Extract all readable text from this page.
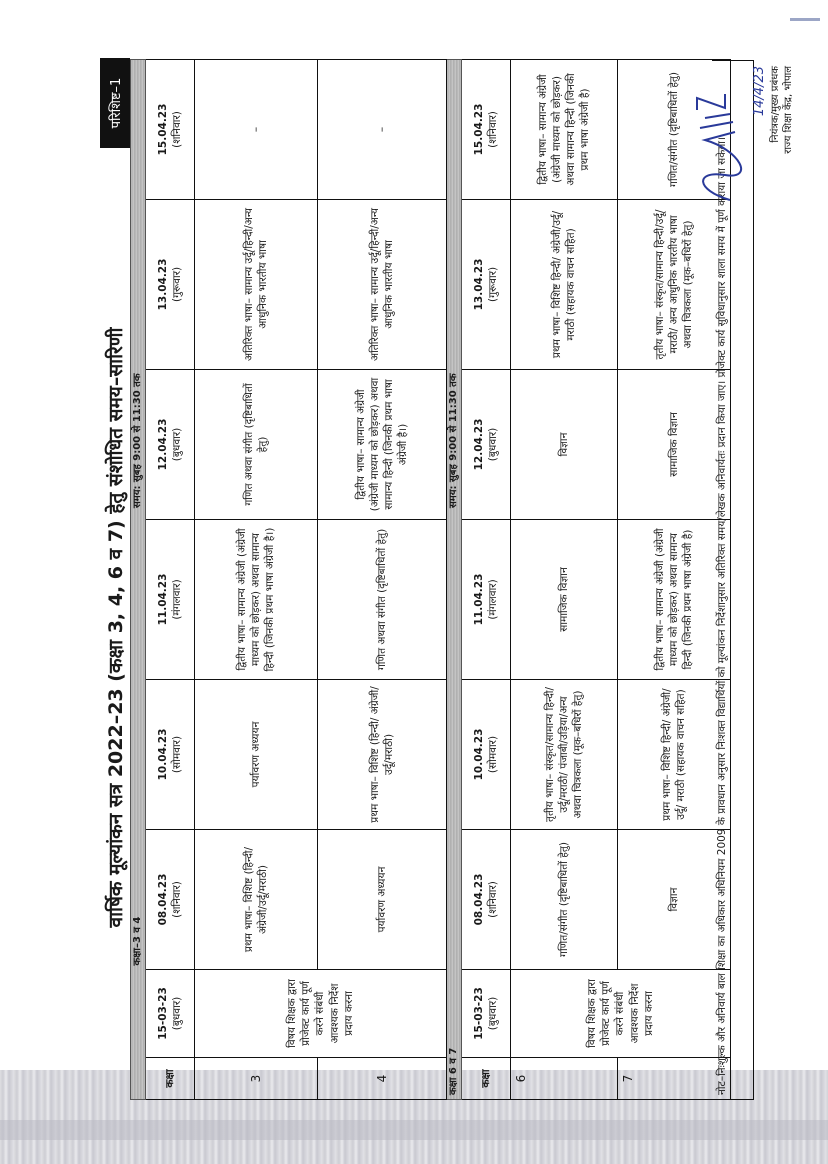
वार्षिक मूल्यांकन सत्र 2022–23 (कक्षा 3, 4, 6 व 7) हेतु संशोधित समय–सारिणी
परिशिष्ट–1
		कक्षा–3 व 4		समय: सुबह 9:00 से 11:30 तक			
कक्षा	15-03-23 (बुधवार)	08.04.23 (शनिवार)	10.04.23 (सोमवार)	11.04.23 (मंगलवार)	12.04.23 (बुधवार)	13.04.23 (गुरूवार)	15.04.23 (शनिवार)

3	विषय शिक्षक द्वारा प्रोजेक्ट कार्य पूर्ण करने संबंधी आवश्यक निर्देश प्रदाय करना	प्रथम भाषा– विशिष्ट (हिन्दी/ अंग्रेजी/उर्दू/मराठी)	पर्यावरण अध्ययन	द्वितीय भाषा– सामान्य अंग्रेजी (अंग्रेजी माध्यम को छोड़कर) अथवा सामान्य हिन्दी (जिनकी प्रथम भाषा अंग्रेजी है।)	गणित अथवा संगीत (दृष्टिबाधितों हेतु)	अतिरिक्त भाषा– सामान्य उर्दू/हिन्दी/अन्य आधुनिक भारतीय भाषा	–
4		पर्यावरण अध्ययन	प्रथम भाषा– विशिष्ट (हिन्दी/ अंग्रेजी/उर्दू/मराठी)	गणित अथवा संगीत (दृष्टिबाधितों हेतु)	द्वितीय भाषा– सामान्य अंग्रेजी (अंग्रेजी माध्यम को छोड़कर) अथवा सामान्य हिन्दी (जिनकी प्रथम भाषा अंग्रेजी है।)	अतिरिक्त भाषा– सामान्य उर्दू/हिन्दी/अन्य आधुनिक भारतीय भाषा	–
कक्षा 6 व 7				समय: सुबह 9:00 से 11:30 तक			
कक्षा	15-03-23 (बुधवार)	08.04.23 (शनिवार)	10.04.23 (सोमवार)	11.04.23 (मंगलवार)	12.04.23 (बुधवार)	13.04.23 (गुरूवार)	15.04.23 (शनिवार)

6	विषय शिक्षक द्वारा प्रोजेक्ट कार्य पूर्ण करने संबंधी आवश्यक निर्देश प्रदाय करना	गणित/संगीत (दृष्टिबाधितों हेतु)	तृतीय भाषा– संस्कृत/सामान्य हिन्दी/उर्दू/मराठी/ पंजाबी/उड़िया/अन्य अथवा चित्रकला (मूक–बधिरों हेतु)	सामाजिक विज्ञान	विज्ञान	प्रथम भाषा– विशिष्ट हिन्दी/ अंग्रेजी/उर्दू/मराठी (सहायक वाचन सहित)	द्वितीय भाषा– सामान्य अंग्रेजी (अंग्रेजी माध्यम को छोड़कर) अथवा सामान्य हिन्दी (जिनकी प्रथम भाषा अंग्रेजी है)
7		विज्ञान	प्रथम भाषा– विशिष्ट हिन्दी/ अंग्रेजी/उर्दू/ मराठी (सहायक वाचन सहित)	द्वितीय भाषा– सामान्य अंग्रेजी (अंग्रेजी माध्यम को छोड़कर) अथवा सामान्य हिन्दी (जिनकी प्रथम भाषा अंग्रेजी है)	सामाजिक विज्ञान	तृतीय भाषा– संस्कृत/सामान्य हिन्दी/उर्दू/मराठी/ अन्य आधुनिक भारतीय भाषा अथवा चित्रकला (मूक–बधिरों हेतु)	गणित/संगीत (दृष्टिबाधितों हेतु)
नोट–निःशुल्क और अनिवार्य बाल शिक्षा का अधिकार अधिनियम 2009 के प्रावधान अनुसार निःशक्त विद्यार्थियों को मूल्यांकन निर्देशानुसार अतिरिक्त समय/लेखक अनिवार्यतः प्रदान किया जाए। प्रोजेक्ट कार्य सुविधानुसार शाला समय में पूर्ण कराया जा सकेगा।
14/4/23 नियंत्रक/मुख्य प्रबंधक राज्य शिक्षा केंद्र, भोपाल
